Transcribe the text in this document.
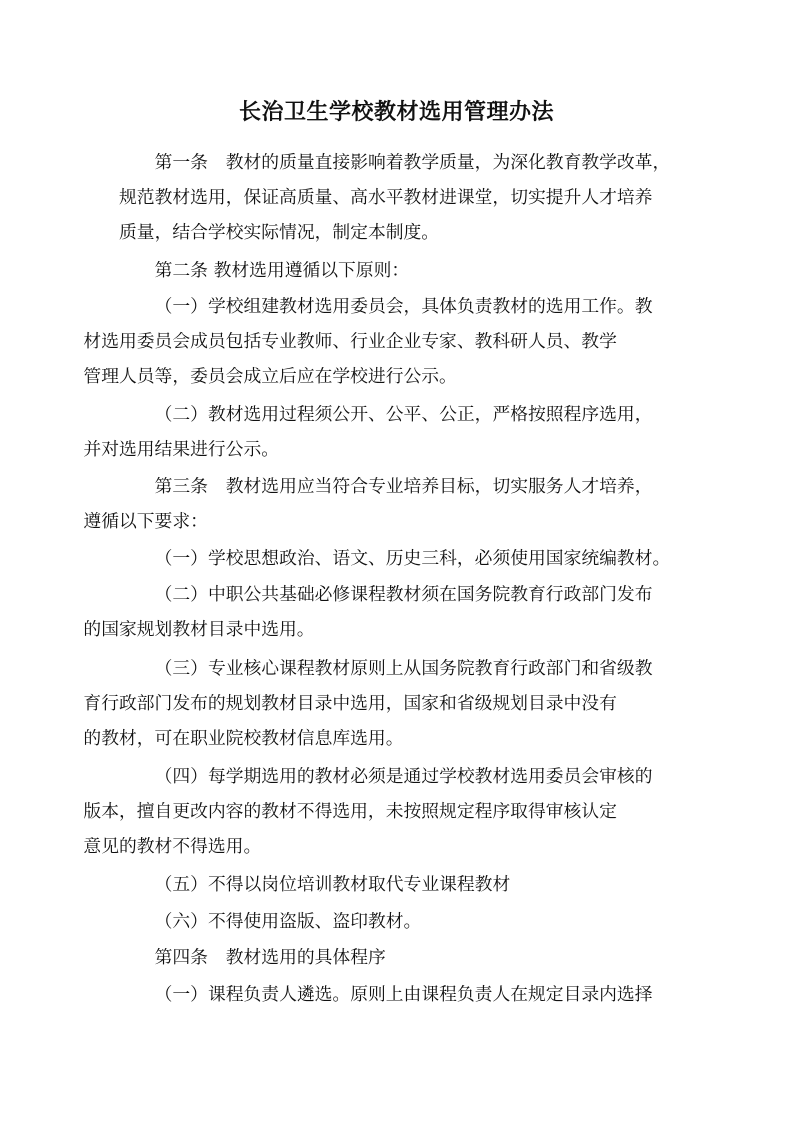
长治卫生学校教材选用管理办法

第一条　教材的质量直接影响着教学质量，为深化教育教学改革，
规范教材选用，保证高质量、高水平教材进课堂，切实提升人才培养
质量，结合学校实际情况，制定本制度。

第二条 教材选用遵循以下原则：

（一）学校组建教材选用委员会，具体负责教材的选用工作。教
材选用委员会成员包括专业教师、行业企业专家、教科研人员、教学
管理人员等，委员会成立后应在学校进行公示。

（二）教材选用过程须公开、公平、公正，严格按照程序选用，
并对选用结果进行公示。

第三条　教材选用应当符合专业培养目标，切实服务人才培养，
遵循以下要求：

（一）学校思想政治、语文、历史三科，必须使用国家统编教材。

（二）中职公共基础必修课程教材须在国务院教育行政部门发布
的国家规划教材目录中选用。

（三）专业核心课程教材原则上从国务院教育行政部门和省级教
育行政部门发布的规划教材目录中选用，国家和省级规划目录中没有
的教材，可在职业院校教材信息库选用。

（四）每学期选用的教材必须是通过学校教材选用委员会审核的
版本，擅自更改内容的教材不得选用，未按照规定程序取得审核认定
意见的教材不得选用。

（五）不得以岗位培训教材取代专业课程教材

（六）不得使用盗版、盗印教材。

第四条　教材选用的具体程序

（一）课程负责人遴选。原则上由课程负责人在规定目录内选择
